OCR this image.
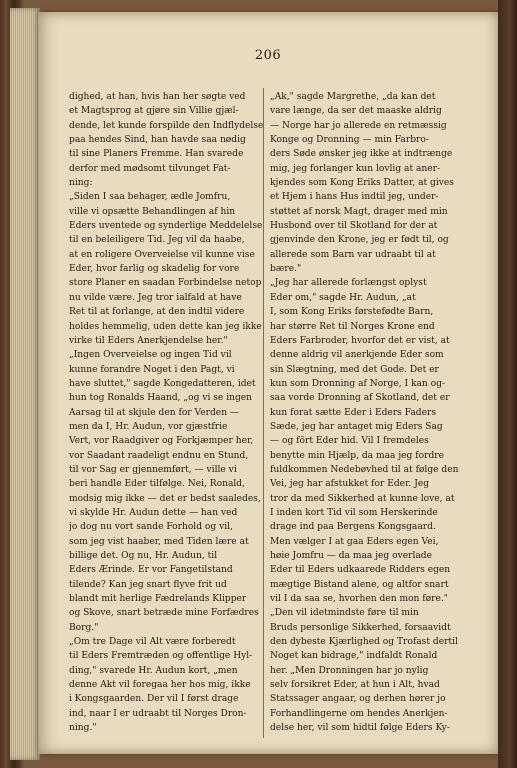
206
dighed, at han, hvis han her søgte ved
et Magtsprog at gjøre sin Villie gjæl-
dende, let kunde forspilde den Indflydelse
paa hendes Sind, han havde saa nødig
til sine Planers Fremme. Han svarede
derfor med mødsomt tilvunget Fat-
ning:
„Siden I saa behager, ædle Jomfru,
ville vi opsætte Behandlingen af hin
Eders uventede og synderlige Meddelelse
til en beleiligere Tid. Jeg vil da haabe,
at en roligere Overveielse vil kunne vise
Eder, hvor farlig og skadelig for vore
store Planer en saadan Forbindelse netop
nu vilde være. Jeg tror ialfald at have
Ret til at forlange, at den indtil videre
holdes hemmelig, uden dette kan jeg ikke
virke til Eders Anerkjendelse her."
„Ingen Overveielse og ingen Tid vil
kunne forandre Noget i den Pagt, vi
have sluttet," sagde Kongedatteren, idet
hun tog Ronalds Haand, „og vi se ingen
Aarsag til at skjule den for Verden —
men da I, Hr. Audun, vor gjæstfrie
Vert, vor Raadgiver og Forkjæmper her,
vor Saadant raadeligt endnu en Stund,
til vor Sag er gjennemført, — ville vi
beri handle Eder tilfølge. Nei, Ronald,
modsig mig ikke — det er bedst saaledes,
vi skylde Hr. Audun dette — han ved
jo dog nu vort sande Forhold og vil,
som jeg vist haaber, med Tiden lære at
billige det. Og nu, Hr. Audun, til
Eders Ærinde. Er vor Fangetilstand
tilende? Kan jeg snart flyve frit ud
blandt mit herlige Fædrelands Klipper
og Skove, snart betræde mine Forfædres
Borg."
„Om tre Dage vil Alt være forberedt
til Eders Fremtræden og offentlige Hyl-
ding," svarede Hr. Audun kort, „men
denne Akt vil foregaa her hos mig, ikke
i Kongsgaarden. Der vil I først drage
ind, naar I er udraabt til Norges Dron-
ning."
„Ak," sagde Margrethe, „da kan det
vare længe, da ser det maaske aldrig
— Norge har jo allerede en retmæssig
Konge og Dronning — min Farbro-
ders Søde ønsker jeg ikke at indtrænge
mig, jeg forlanger kun lovlig at aner-
kjendes som Kong Eriks Datter, at gives
et Hjem i hans Hus indtil jeg, under-
støttet af norsk Magt, drager med min
Husbond over til Skotland for der at
gjenvinde den Krone, jeg er født til, og
allerede som Barn var udraabt til at
bære."
„Jeg har allerede forlængst oplyst
Eder om," sagde Hr. Audun, „at
I, som Kong Eriks førstefødte Barn,
har større Ret til Norges Krone end
Eders Farbroder, hvorfor det er vist, at
denne aldrig vil anerkjende Eder som
sin Slægtning, med det Gode. Det er
kun som Dronning af Norge, I kan og-
saa vorde Dronning af Skotland, det er
kun forat sætte Eder i Eders Faders
Sæde, jeg har antaget mig Eders Sag
— og fört Eder hid. Vil I fremdeles
benytte min Hjælp, da maa jeg fordre
fuldkommen Nedebøvhed til at følge den
Vei, jeg har afstukket for Eder. Jeg
tror da med Sikkerhed at kunne love, at
I inden kort Tid vil som Herskerinde
drage ind paa Bergens Kongsgaard.
Men vælger I at gaa Eders egen Vei,
høie Jomfru — da maa jeg overlade
Eder til Eders udkaarede Ridders egen
mægtige Bistand alene, og altfor snart
vil I da saa se, hvorhen den mon føre."
„Den vil idetmindste føre til min
Bruds personlige Sikkerhed, forsaavidt
den dybeste Kjærlighed og Trofast dertil
Noget kan bidrage," indfaldt Ronald
her. „Men Dronningen har jo nylig
selv forsikret Eder, at hun i Alt, hvad
Statssager angaar, og derhen hører jo
Forhandlingerne om hendes Anerkjen-
delse her, vil som hidtil følge Eders Ky-
